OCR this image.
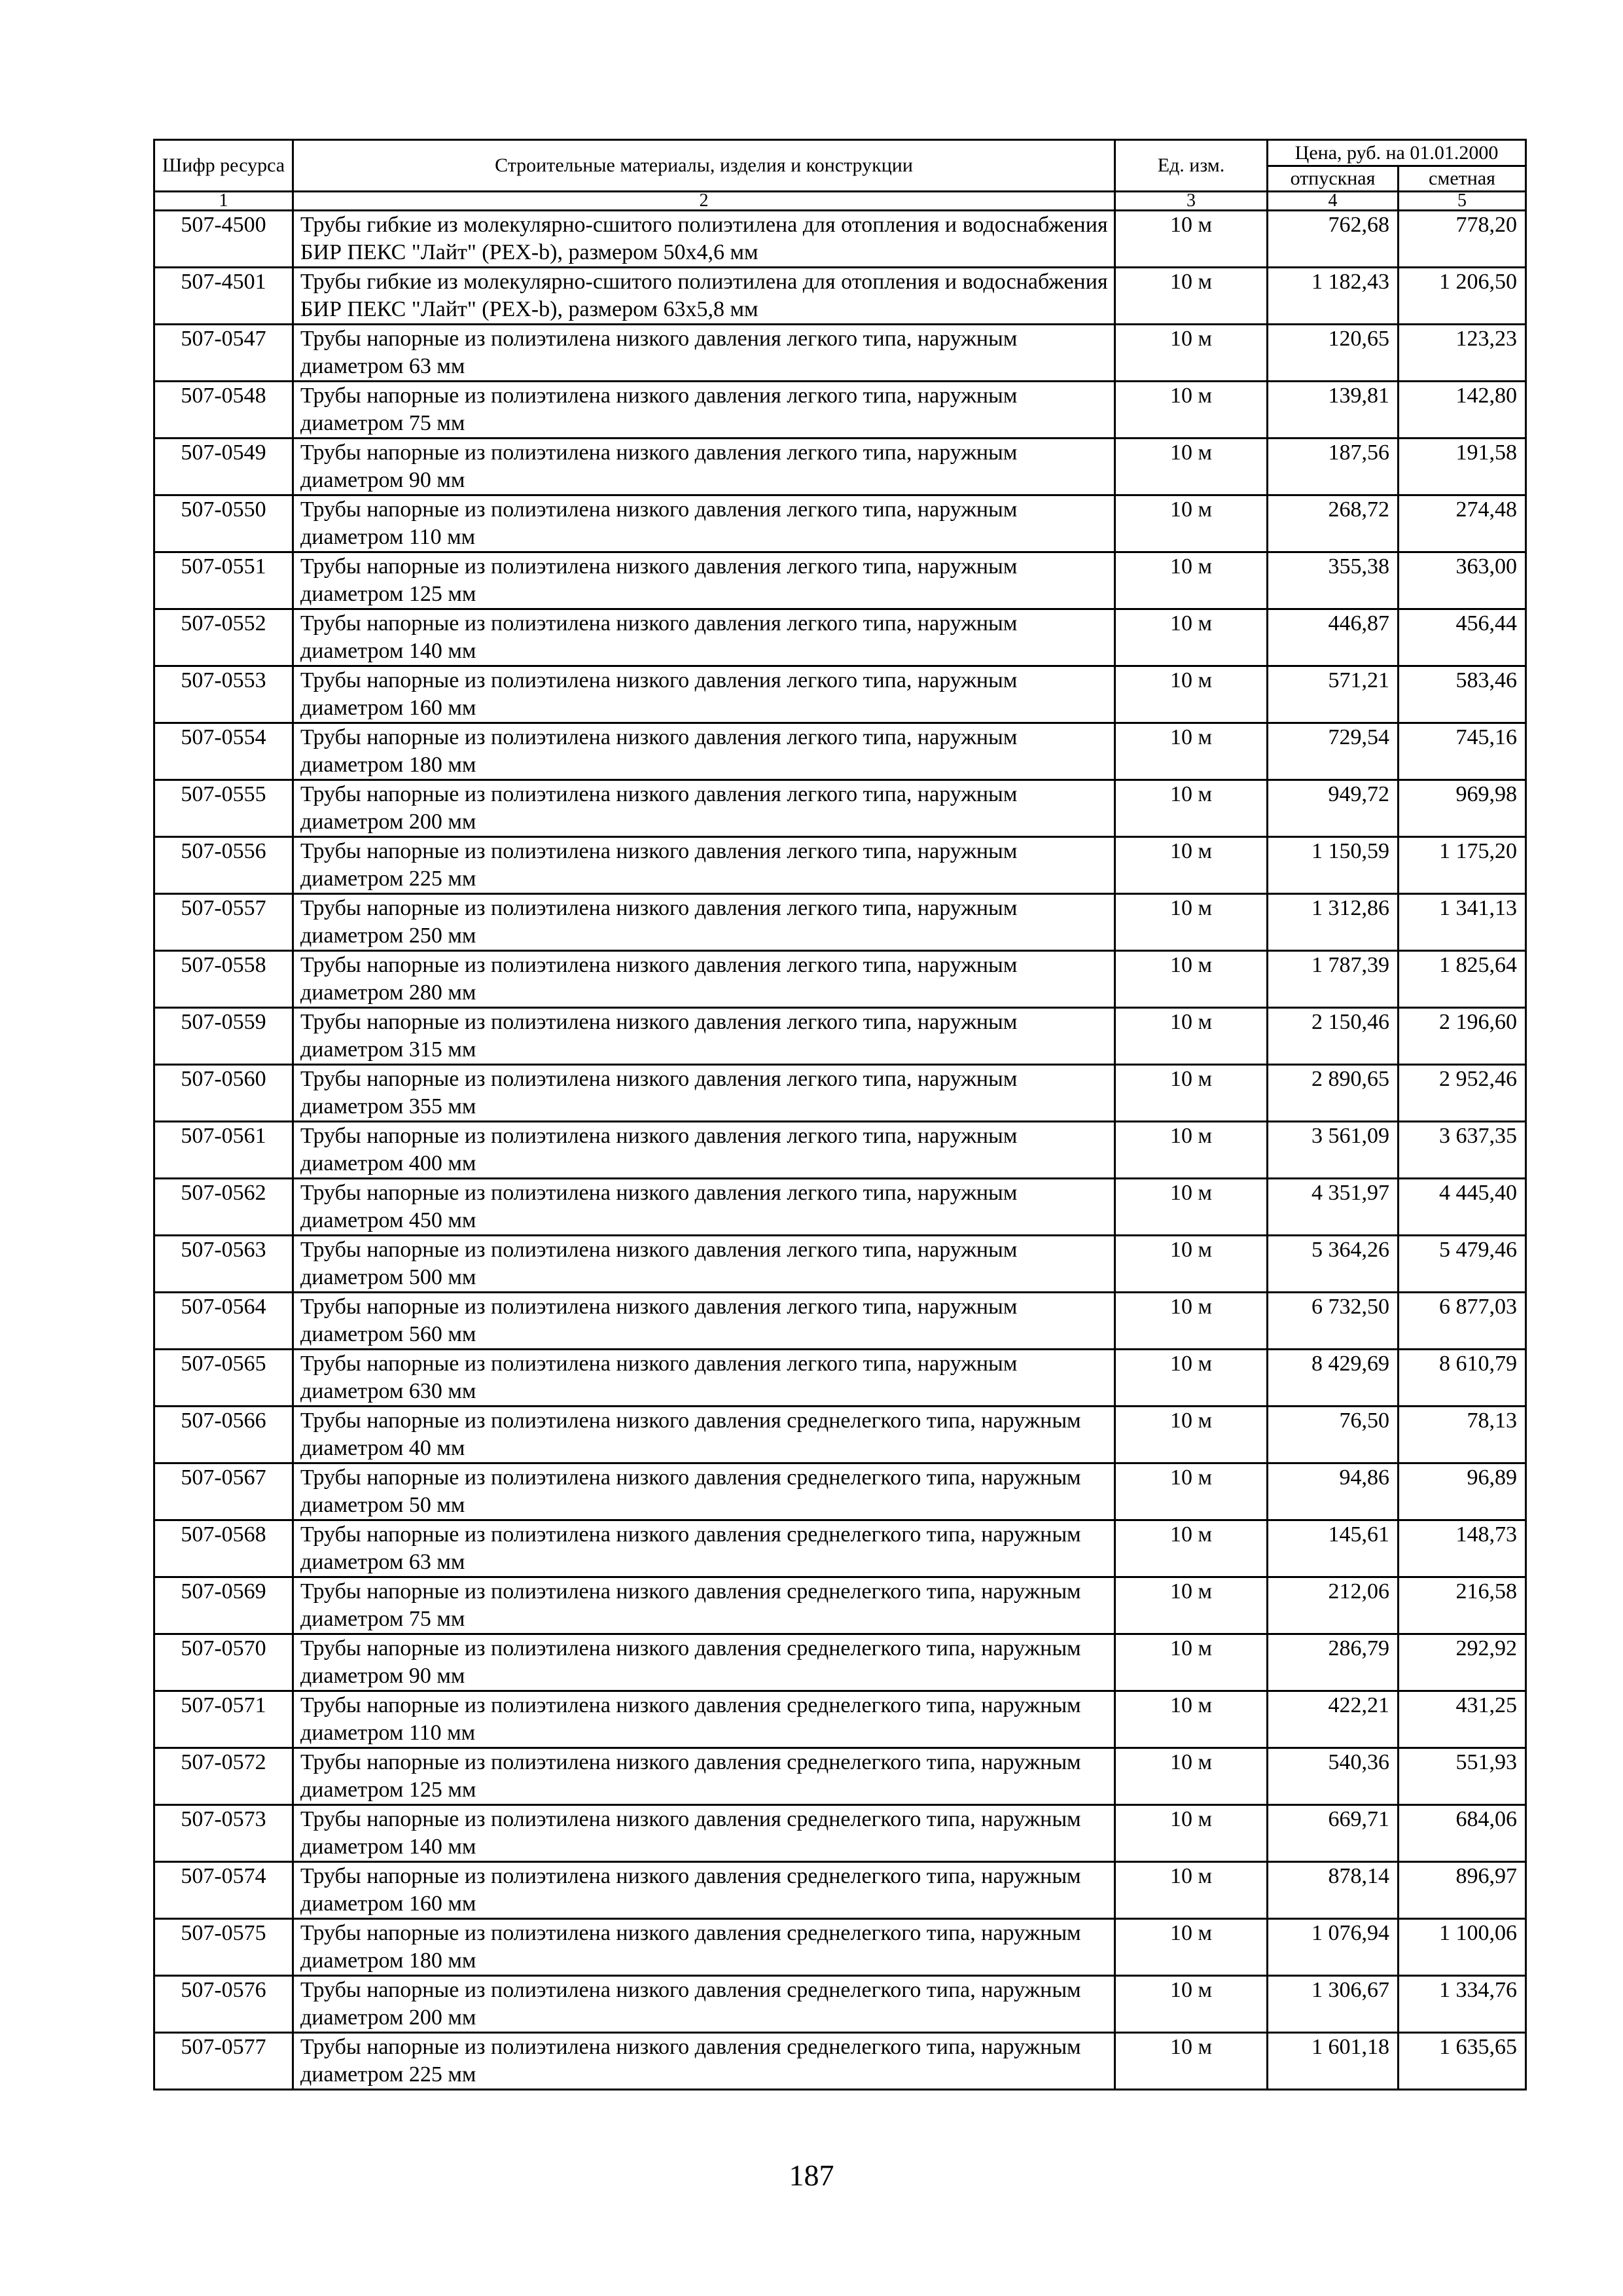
Шифр ресурса	Строительные материалы, изделия и конструкции	Ед. изм.	Цена, руб. на 01.01.2000	
			отпускная	сметная
1	2	3	4	5
507-4500	Трубы гибкие из молекулярно-сшитого полиэтилена для отопления и водоснабжения БИР ПЕКС "Лайт" (PEX-b), размером 50х4,6 мм	10 м	762,68	778,20
507-4501	Трубы гибкие из молекулярно-сшитого полиэтилена для отопления и водоснабжения БИР ПЕКС "Лайт" (PEX-b), размером 63х5,8 мм	10 м	1 182,43	1 206,50
507-0547	Трубы напорные из полиэтилена низкого давления легкого типа, наружным диаметром 63 мм	10 м	120,65	123,23
507-0548	Трубы напорные из полиэтилена низкого давления легкого типа, наружным диаметром 75 мм	10 м	139,81	142,80
507-0549	Трубы напорные из полиэтилена низкого давления легкого типа, наружным диаметром 90 мм	10 м	187,56	191,58
507-0550	Трубы напорные из полиэтилена низкого давления легкого типа, наружным диаметром 110 мм	10 м	268,72	274,48
507-0551	Трубы напорные из полиэтилена низкого давления легкого типа, наружным диаметром 125 мм	10 м	355,38	363,00
507-0552	Трубы напорные из полиэтилена низкого давления легкого типа, наружным диаметром 140 мм	10 м	446,87	456,44
507-0553	Трубы напорные из полиэтилена низкого давления легкого типа, наружным диаметром 160 мм	10 м	571,21	583,46
507-0554	Трубы напорные из полиэтилена низкого давления легкого типа, наружным диаметром 180 мм	10 м	729,54	745,16
507-0555	Трубы напорные из полиэтилена низкого давления легкого типа, наружным диаметром 200 мм	10 м	949,72	969,98
507-0556	Трубы напорные из полиэтилена низкого давления легкого типа, наружным диаметром 225 мм	10 м	1 150,59	1 175,20
507-0557	Трубы напорные из полиэтилена низкого давления легкого типа, наружным диаметром 250 мм	10 м	1 312,86	1 341,13
507-0558	Трубы напорные из полиэтилена низкого давления легкого типа, наружным диаметром 280 мм	10 м	1 787,39	1 825,64
507-0559	Трубы напорные из полиэтилена низкого давления легкого типа, наружным диаметром 315 мм	10 м	2 150,46	2 196,60
507-0560	Трубы напорные из полиэтилена низкого давления легкого типа, наружным диаметром 355 мм	10 м	2 890,65	2 952,46
507-0561	Трубы напорные из полиэтилена низкого давления легкого типа, наружным диаметром 400 мм	10 м	3 561,09	3 637,35
507-0562	Трубы напорные из полиэтилена низкого давления легкого типа, наружным диаметром 450 мм	10 м	4 351,97	4 445,40
507-0563	Трубы напорные из полиэтилена низкого давления легкого типа, наружным диаметром 500 мм	10 м	5 364,26	5 479,46
507-0564	Трубы напорные из полиэтилена низкого давления легкого типа, наружным диаметром 560 мм	10 м	6 732,50	6 877,03
507-0565	Трубы напорные из полиэтилена низкого давления легкого типа, наружным диаметром 630 мм	10 м	8 429,69	8 610,79
507-0566	Трубы напорные из полиэтилена низкого давления среднелегкого типа, наружным диаметром 40 мм	10 м	76,50	78,13
507-0567	Трубы напорные из полиэтилена низкого давления среднелегкого типа, наружным диаметром 50 мм	10 м	94,86	96,89
507-0568	Трубы напорные из полиэтилена низкого давления среднелегкого типа, наружным диаметром 63 мм	10 м	145,61	148,73
507-0569	Трубы напорные из полиэтилена низкого давления среднелегкого типа, наружным диаметром 75 мм	10 м	212,06	216,58
507-0570	Трубы напорные из полиэтилена низкого давления среднелегкого типа, наружным диаметром 90 мм	10 м	286,79	292,92
507-0571	Трубы напорные из полиэтилена низкого давления среднелегкого типа, наружным диаметром 110 мм	10 м	422,21	431,25
507-0572	Трубы напорные из полиэтилена низкого давления среднелегкого типа, наружным диаметром 125 мм	10 м	540,36	551,93
507-0573	Трубы напорные из полиэтилена низкого давления среднелегкого типа, наружным диаметром 140 мм	10 м	669,71	684,06
507-0574	Трубы напорные из полиэтилена низкого давления среднелегкого типа, наружным диаметром 160 мм	10 м	878,14	896,97
507-0575	Трубы напорные из полиэтилена низкого давления среднелегкого типа, наружным диаметром 180 мм	10 м	1 076,94	1 100,06
507-0576	Трубы напорные из полиэтилена низкого давления среднелегкого типа, наружным диаметром 200 мм	10 м	1 306,67	1 334,76
507-0577	Трубы напорные из полиэтилена низкого давления среднелегкого типа, наружным диаметром 225 мм	10 м	1 601,18	1 635,65
187
